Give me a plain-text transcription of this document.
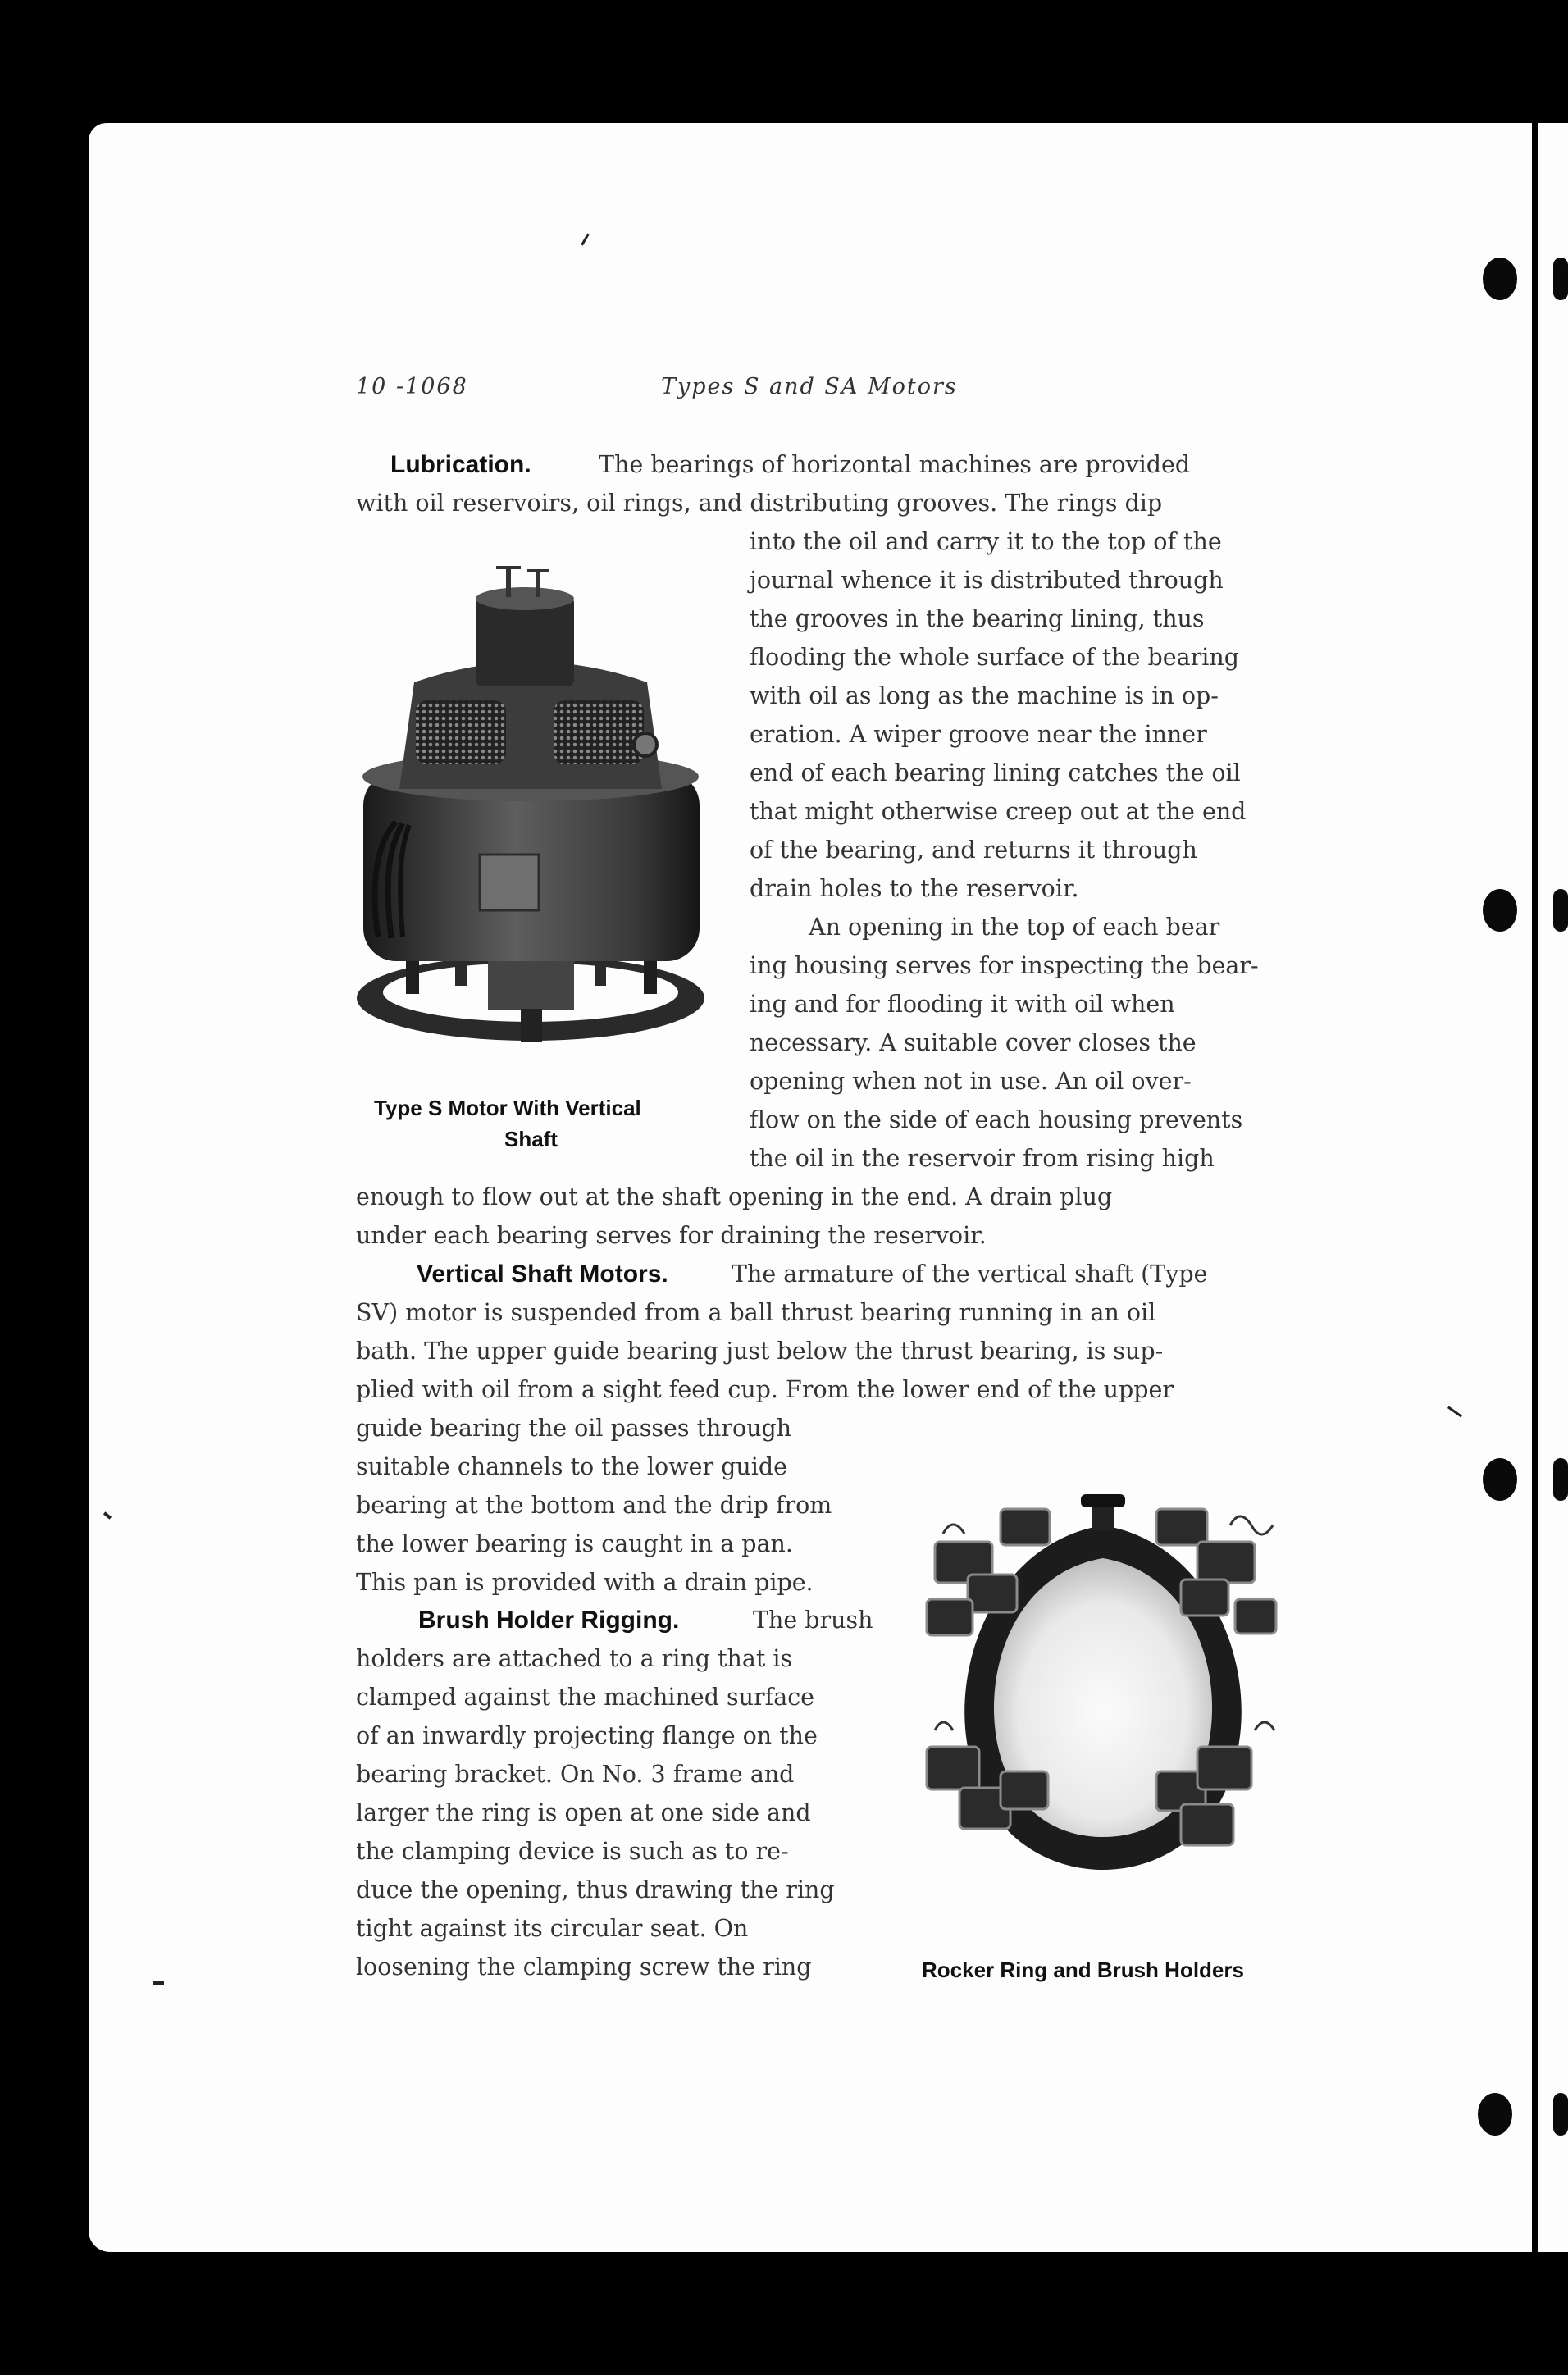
10 -1068	Types S and SA Motors
Lubrication.	The bearings of horizontal machines are provided
with oil reservoirs, oil rings, and distributing grooves. The rings dip
into the oil and carry it to the top of the
journal whence it is distributed through
the grooves in the bearing lining, thus
flooding the whole surface of the bearing
with oil as long as the machine is in op-
eration. A wiper groove near the inner
end of each bearing lining catches the oil
that might otherwise creep out at the end
of the bearing, and returns it through
drain holes to the reservoir.
An opening in the top of each bear
ing housing serves for inspecting the bear-
ing and for flooding it with oil when
necessary. A suitable cover closes the
opening when not in use. An oil over-
flow on the side of each housing prevents
the oil in the reservoir from rising high
enough to flow out at the shaft opening in the end. A drain plug
under each bearing serves for draining the reservoir.
Vertical Shaft Motors.	The armature of the vertical shaft (Type
SV) motor is suspended from a ball thrust bearing running in an oil
bath. The upper guide bearing just below the thrust bearing, is sup-
plied with oil from a sight feed cup. From the lower end of the upper
guide bearing the oil passes through
suitable channels to the lower guide
bearing at the bottom and the drip from
the lower bearing is caught in a pan.
This pan is provided with a drain pipe.
Brush Holder Rigging.	The brush
holders are attached to a ring that is
clamped against the machined surface
of an inwardly projecting flange on the
bearing bracket. On No. 3 frame and
larger the ring is open at one side and
the clamping device is such as to re-
duce the opening, thus drawing the ring
tight against its circular seat. On
loosening the clamping screw the ring
Type S Motor With Vertical
Shaft
Rocker Ring and Brush Holders
